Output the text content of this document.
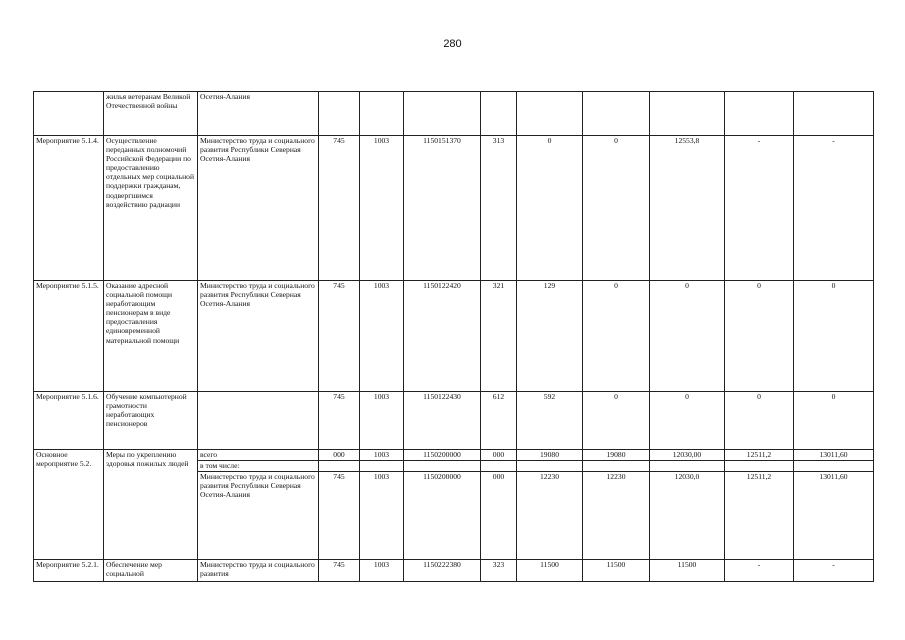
280
	жилья ветеранам Великой Отечественной войны	Осетия-Алания									
Мероприятие 5.1.4.	Осуществление переданных полномочий Российской Федерации по предоставлению отдельных мер социальной поддержки гражданам, подвергшимся воздействию радиации	Министерство труда и социального развития Республики Северная Осетия-Алания	745	1003	1150151370	313	0	0	12553,8	-	-
Мероприятие 5.1.5.	Оказание адресной социальной помощи неработающим пенсионерам в виде предоставления единовременной материальной помощи	Министерство труда и социального развития Республики Северная Осетия-Алания	745	1003	1150122420	321	129	0	0	0	0
Мероприятие 5.1.6.	Обучение компьютерной грамотности неработающих пенсионеров		745	1003	1150122430	612	592	0	0	0	0
Основное мероприятие 5.2.	Меры по укреплению здоровья пожилых людей	всего	000	1003	1150200000	000	19080	19080	12030,00	12511,2	13011,60
		в том числе:									
		Министерство труда и социального развития Республики Северная Осетия-Алания	745	1003	1150200000	000	12230	12230	12030,0	12511,2	13011,60
Мероприятие 5.2.1.	Обеспечение мер социальной	Министерство труда и социального развития	745	1003	1150222380	323	11500	11500	11500	-	-
